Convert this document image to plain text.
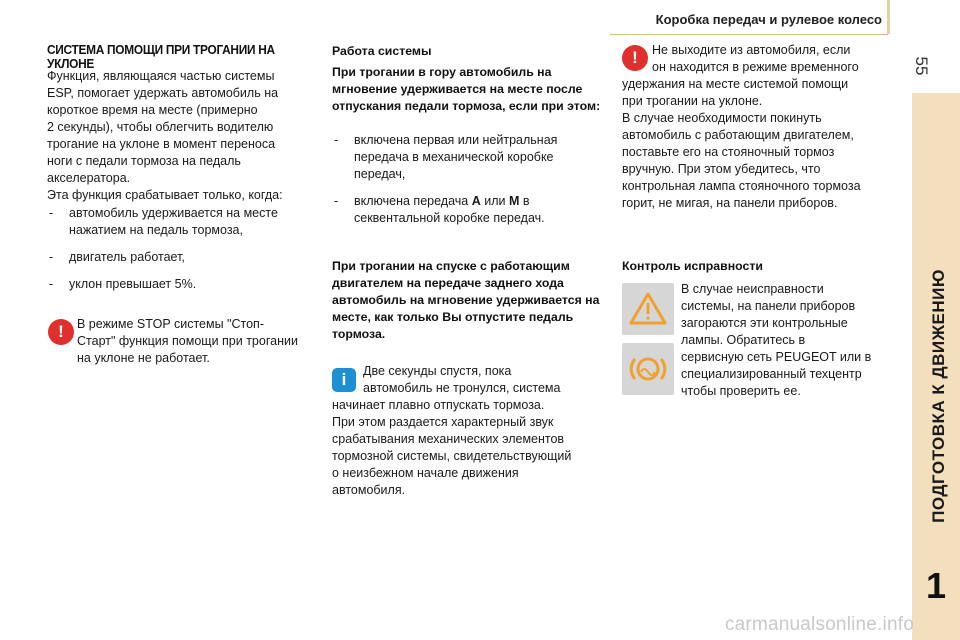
Коробка передач и рулевое колесо
55
ПОДГОТОВКА К ДВИЖЕНИЮ
1
СИСТЕМА ПОМОЩИ ПРИ ТРОГАНИИ НА УКЛОНЕ
Функция, являющаяся частью системы
ESP, помогает удержать автомобиль на
короткое время на месте (примерно
2 секунды), чтобы облегчить водителю
трогание на уклоне в момент переноса
ноги с педали тормоза на педаль
акселератора.
Эта функция срабатывает только, когда:
- автомобиль удерживается на месте нажатием на педаль тормоза,
- двигатель работает,
- уклон превышает 5%.
!	В режиме STOP системы "Стоп-
Старт" функция помощи при трогании
на уклоне не работает.
Работа системы
При трогании в гору автомобиль на мгновение удерживается на месте после отпускания педали тормоза, если при этом:
- включена первая или нейтральная передача в механической коробке передач,
- включена передача A или M в секвентальной коробке передач.
При трогании на спуске с работающим двигателем на передаче заднего хода автомобиль на мгновение удерживается на месте, как только Вы отпустите педаль тормоза.
i	Две секунды спустя, пока
автомобиль не тронулся, система
начинает плавно отпускать тормоза.
При этом раздается характерный звук
срабатывания механических элементов
тормозной системы, свидетельствующий
о неизбежном начале движения
автомобиля.
!	Не выходите из автомобиля, если
он находится в режиме временного
удержания на месте системой помощи
при трогании на уклоне.
В случае необходимости покинуть
автомобиль с работающим двигателем,
поставьте его на стояночный тормоз
вручную. При этом убедитесь, что
контрольная лампа стояночного тормоза
горит, не мигая, на панели приборов.
Контроль исправности
В случае неисправности
системы, на панели приборов
загораются эти контрольные
лампы. Обратитесь в
сервисную сеть PEUGEOT или в
специализированный техцентр
чтобы проверить ее.
carmanualsonline.info
